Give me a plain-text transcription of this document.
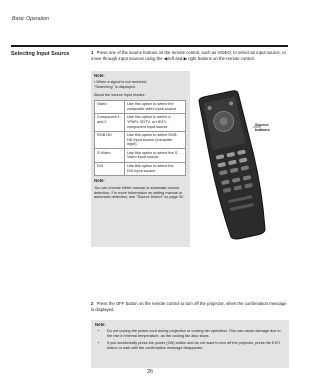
Basic Operation
Selecting Input Source	1 Press one of the source buttons on the remote control, such as VIDEO, to select an input source, or move through input sources using the ◀ left and ▶ right buttons on the remote control.
Note:
• When a signal is not received,
"Searching" is displayed.
About the source input modes:
Video	Use this option to select the composite video input source.
Component 1 and 2	Use this option to select a YPbPr, SDTV, or HDTV component input source.
RGB HD	Use this option to select RGB HD input source (computer input).
S-Video	Use this option to select the S-Video input source.
DVI	Use this option to select the DVI input source.
Note:
You can choose either manual or automatic source detection. For more information on setting manual or automatic detection, see "Source Detect" on page 42.
Source
buttons
2 Press the OFF button on the remote control to turn off the projector, when the confirmation message is displayed.
Note:
• Do not unplug the power cord during projection or cooling fan operation. This can cause damage due to the rise in internal temperature, as the cooling fan also stops.
• If you accidentally press the power (ON) button and do not want to turn off the projector, press the EXIT button or wait until the confirmation message disappears.
26
